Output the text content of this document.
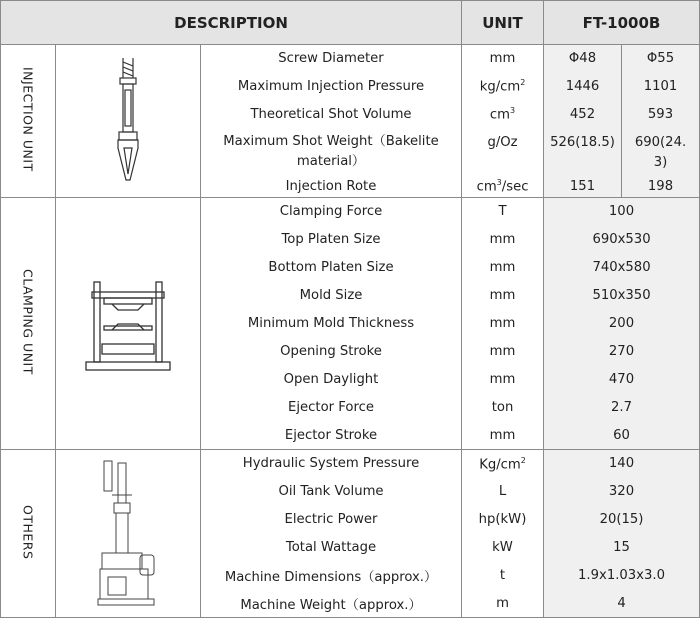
DESCRIPTION			UNIT	FT-1000B	
INJECTION UNIT		Screw Diameter	mm	Φ48	Φ55
		Maximum Injection Pressure	$kg/cm^2$	1446	1101
		Theoretical Shot Volume	$cm^3$	452	593
		Maximum Shot Weight（Bakelite material）	g/Oz	526(18.5)	690(24.3)
		Injection Rote	$cm^3/\sec$	151	198
CLAMPING UNIT		Clamping Force	T	100	
		Top Platen Size	mm	690x530	
		Bottom Platen Size	mm	740x580	
		Mold Size	mm	510x350	
		Minimum Mold Thickness	mm	200	
		Opening Stroke	mm	270	
		Open Daylight	mm	470	
		Ejector Force	ton	2.7	
		Ejector Stroke	mm	60	
OTHERS		Hydraulic System Pressure	$Kg/cm^2$	140	
		Oil Tank Volume	L	320	
		Electric Power	hp(kW)	20(15)	
		Total Wattage	kW	15	
		Machine Dimensions（approx.）	t	1.9x1.03x3.0	
		Machine Weight（approx.）	m	4	
